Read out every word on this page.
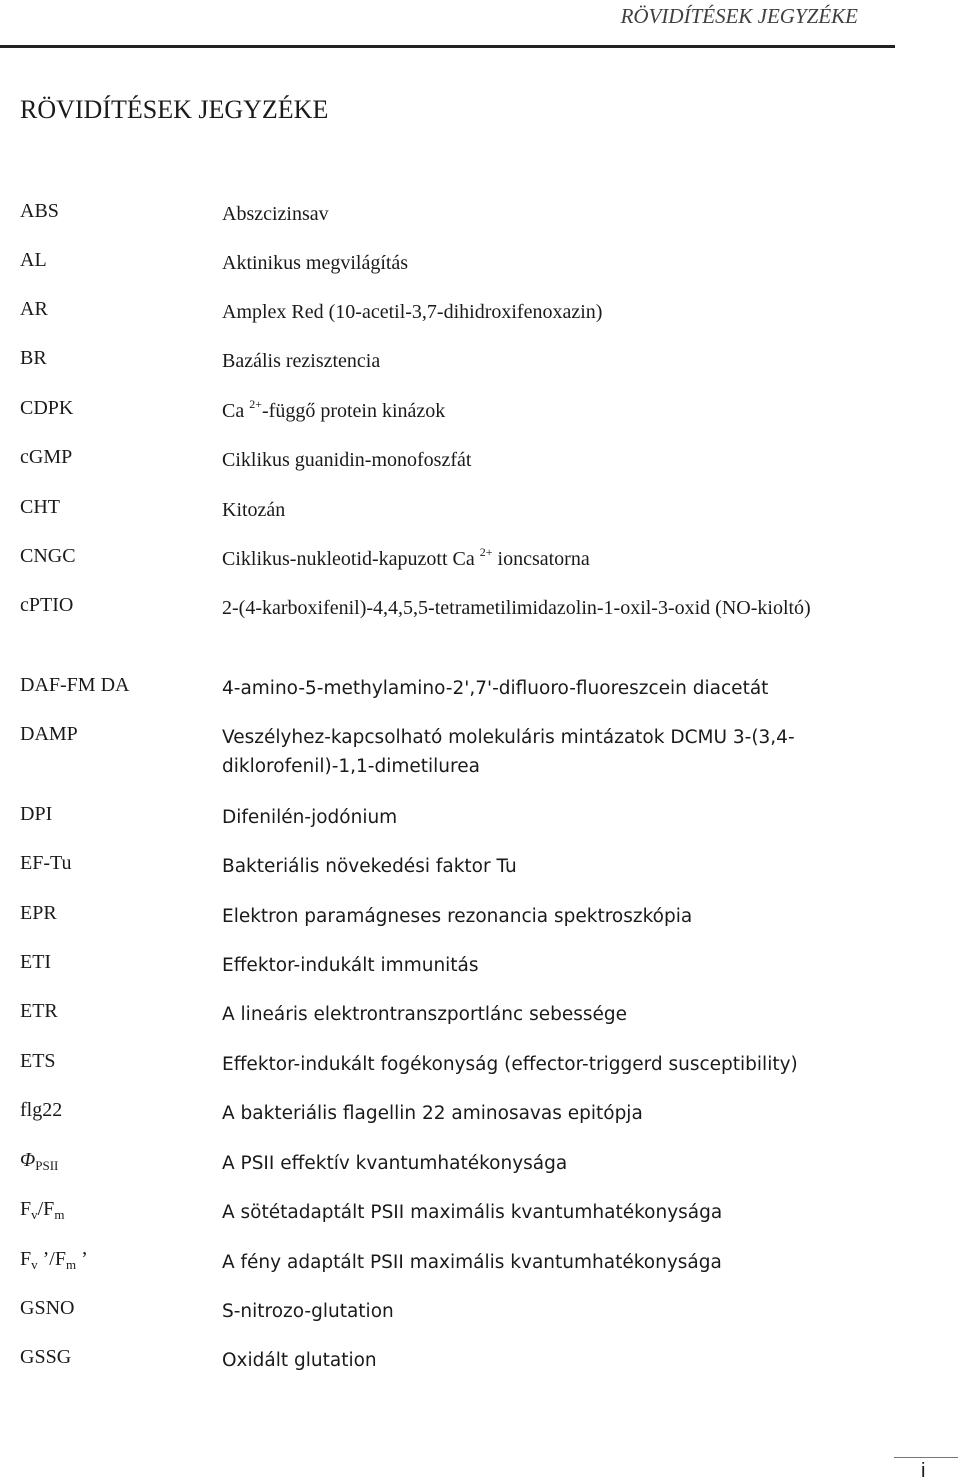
RÖVIDÍTÉSEK JEGYZÉKE
RÖVIDÍTÉSEK JEGYZÉKE
ABS	Abszcizinsav
AL	Aktinikus megvilágítás
AR	Amplex Red (10-acetil-3,7-dihidroxifenoxazin)
BR	Bazális rezisztencia
CDPK	Ca $^{2+}$-függő protein kinázok
cGMP	Ciklikus guanidin-monofoszfát
CHT	Kitozán
CNGC	Ciklikus-nukleotid-kapuzott Ca $^{2+}$ ioncsatorna
cPTIO	2-(4-karboxifenil)-4,4,5,5-tetrametilimidazolin-1-oxil-3-oxid (NO-kioltó)
DAF-FM DA	4-amino-5-methylamino-2',7'-difluoro-fluoreszcein diacetát
DAMP	Veszélyhez-kapcsolható molekuláris mintázatok DCMU 3-(3,4-diklorofenil)-1,1-dimetilurea
DPI	Difenilén-jodónium
EF-Tu	Bakteriális növekedési faktor Tu
EPR	Elektron paramágneses rezonancia spektroszkópia
ETI	Effektor-indukált immunitás
ETR	A lineáris elektrontranszportlánc sebessége
ETS	Effektor-indukált fogékonyság (effector-triggerd susceptibility)
flg22	A bakteriális flagellin 22 aminosavas epitópja
$\Phi_{PSII}$	A PSII effektív kvantumhatékonysága
$F_v/F_m$	A sötétadaptált PSII maximális kvantumhatékonysága
$F_v$ $’/F_m$ ’	A fény adaptált PSII maximális kvantumhatékonysága
GSNO	S-nitrozo-glutation
GSSG	Oxidált glutation
i
